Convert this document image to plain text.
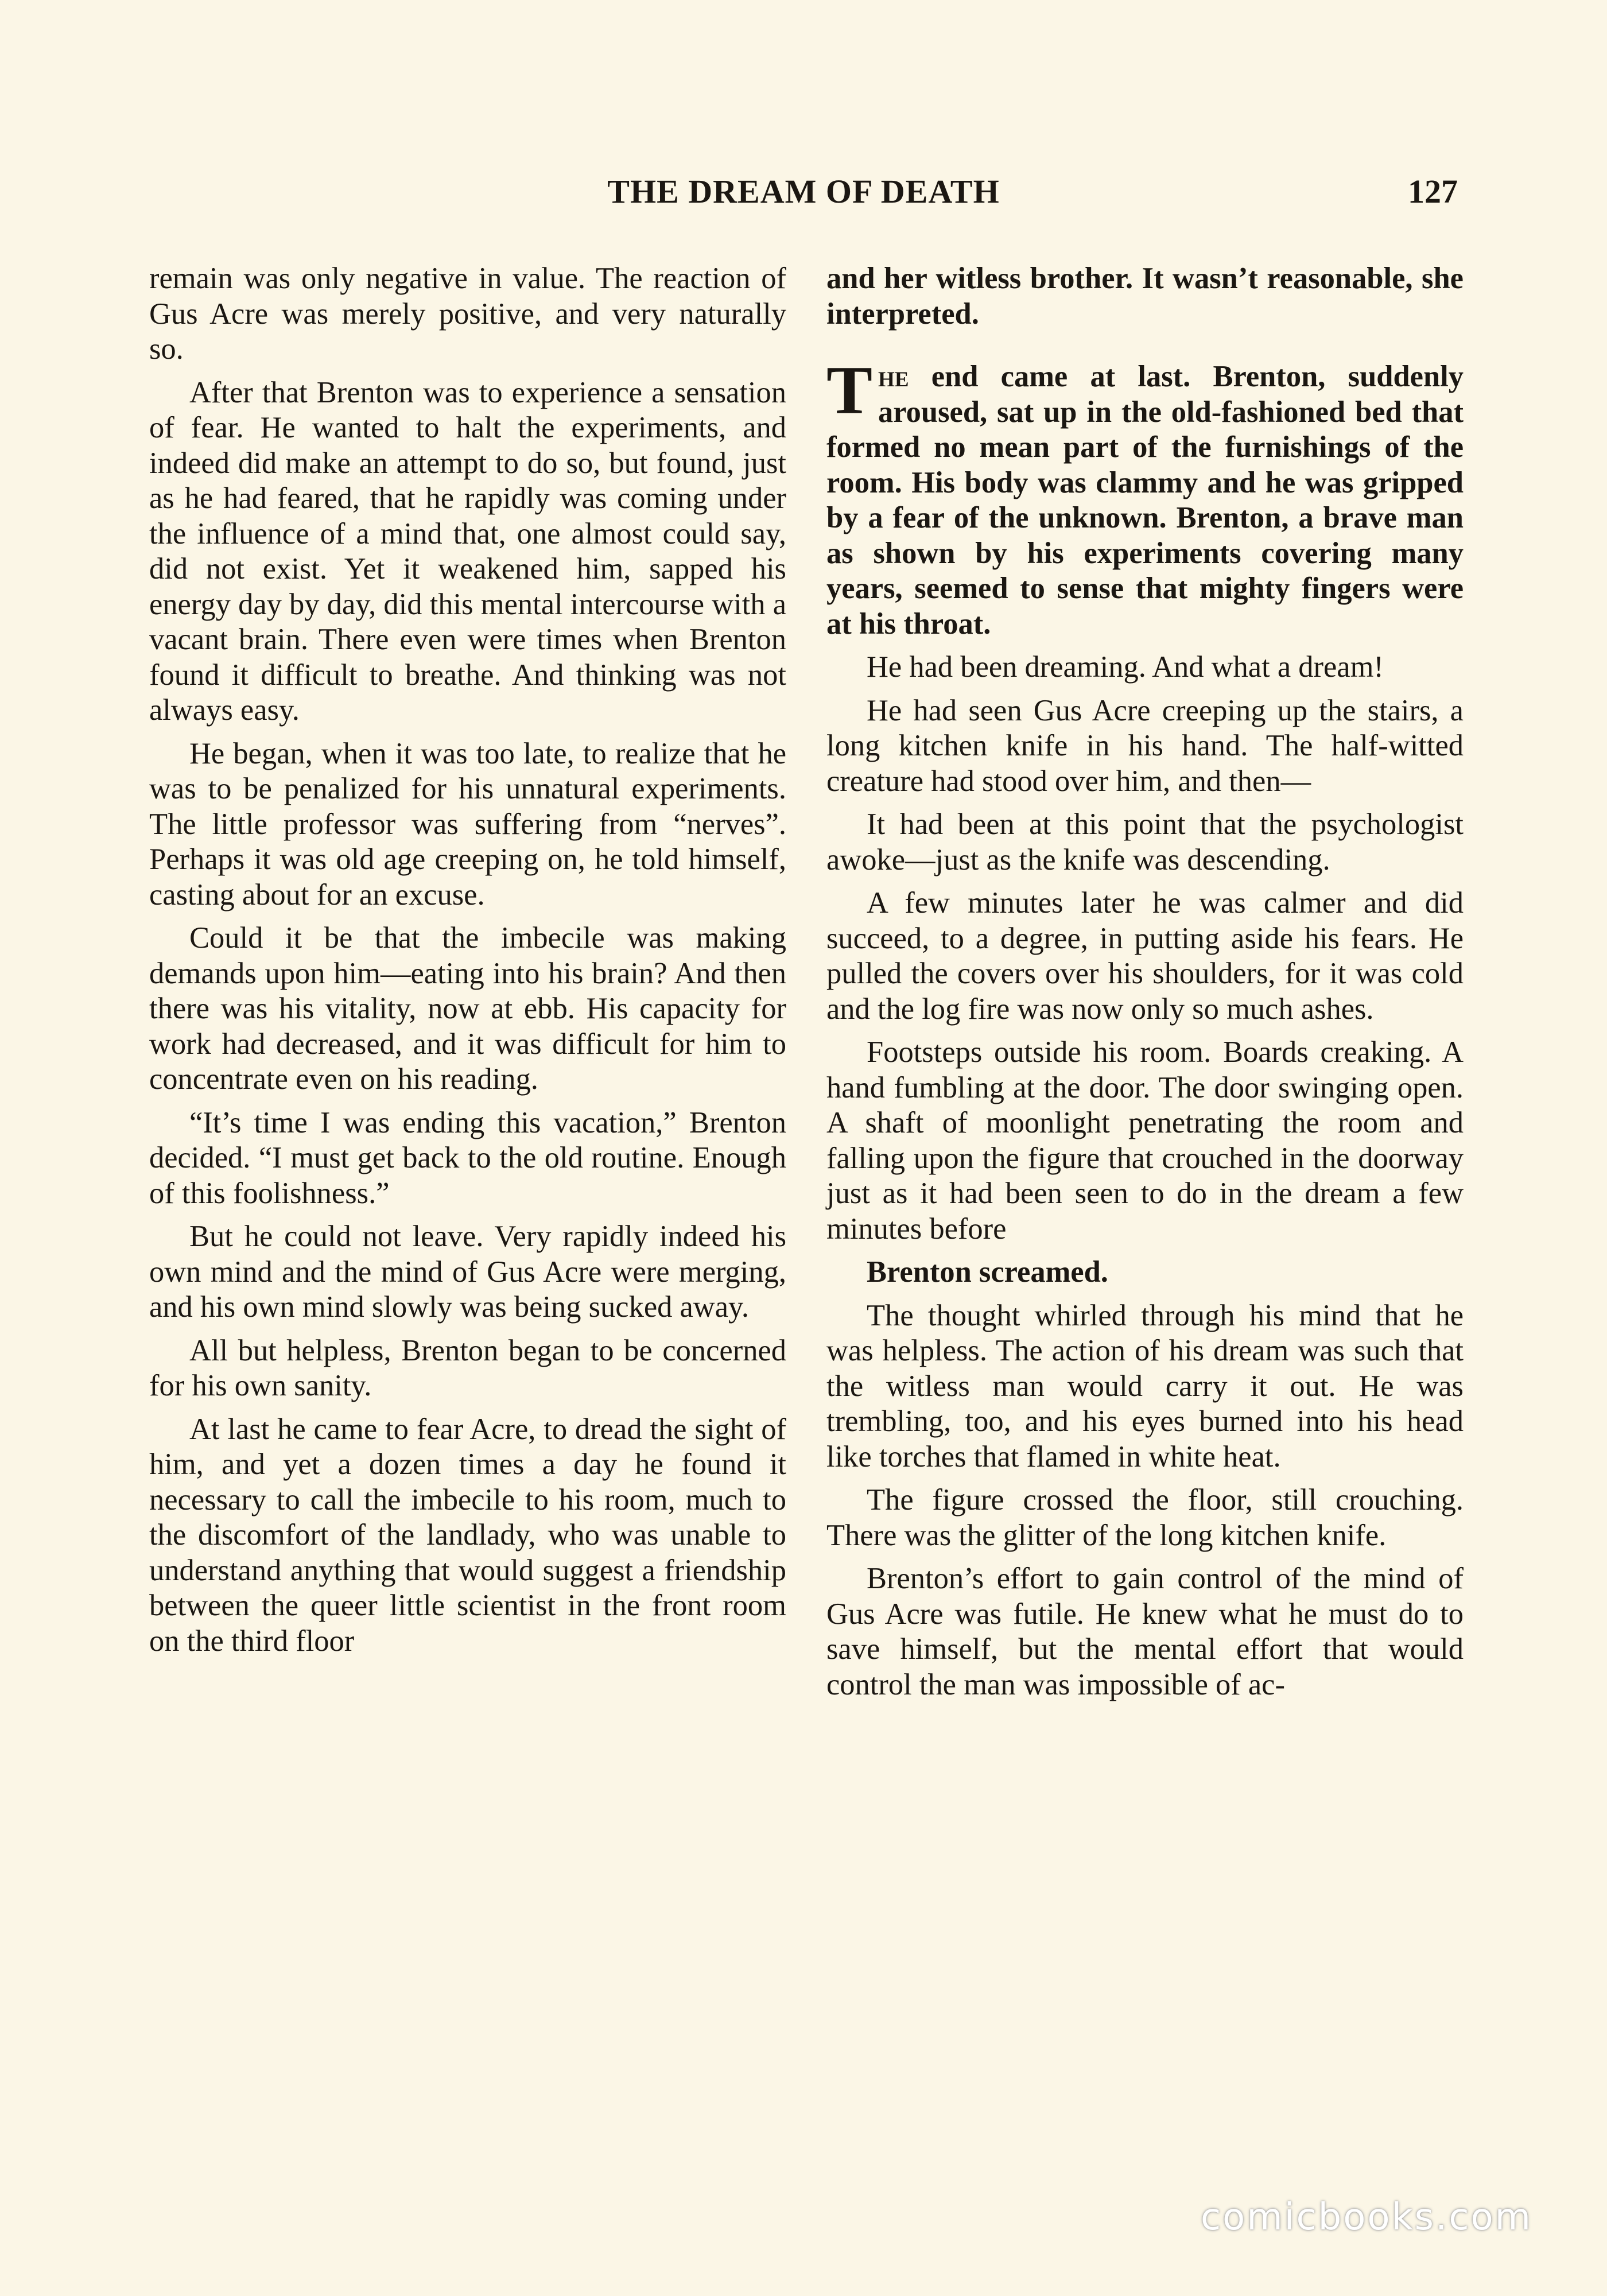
THE DREAM OF DEATH	127

remain was only negative in value. The reaction of Gus Acre was merely positive, and very naturally so.

After that Brenton was to experience a sensation of fear. He wanted to halt the experiments, and indeed did make an attempt to do so, but found, just as he had feared, that he rapidly was coming under the influence of a mind that, one almost could say, did not exist. Yet it weakened him, sapped his energy day by day, did this mental intercourse with a vacant brain. There even were times when Brenton found it difficult to breathe. And thinking was not always easy.

He began, when it was too late, to realize that he was to be penalized for his unnatural experiments. The little professor was suffering from “nerves”. Perhaps it was old age creeping on, he told himself, casting about for an excuse.

Could it be that the imbecile was making demands upon him—eating into his brain? And then there was his vitality, now at ebb. His capacity for work had decreased, and it was difficult for him to concentrate even on his reading.

“It’s time I was ending this vacation,” Brenton decided. “I must get back to the old routine. Enough of this foolishness.”

But he could not leave. Very rapidly indeed his own mind and the mind of Gus Acre were merging, and his own mind slowly was being sucked away.

All but helpless, Brenton began to be concerned for his own sanity.

At last he came to fear Acre, to dread the sight of him, and yet a dozen times a day he found it necessary to call the imbecile to his room, much to the discomfort of the landlady, who was unable to understand anything that would suggest a friendship between the queer little scientist in the front room on the third floor

and her witless brother. It wasn’t reasonable, she interpreted.

The end came at last. Brenton, suddenly aroused, sat up in the old-fashioned bed that formed no mean part of the furnishings of the room. His body was clammy and he was gripped by a fear of the unknown. Brenton, a brave man as shown by his experiments covering many years, seemed to sense that mighty fingers were at his throat.

He had been dreaming. And what a dream!

He had seen Gus Acre creeping up the stairs, a long kitchen knife in his hand. The half-witted creature had stood over him, and then—

It had been at this point that the psychologist awoke—just as the knife was descending.

A few minutes later he was calmer and did succeed, to a degree, in putting aside his fears. He pulled the covers over his shoulders, for it was cold and the log fire was now only so much ashes.

Footsteps outside his room. Boards creaking. A hand fumbling at the door. The door swinging open. A shaft of moonlight penetrating the room and falling upon the figure that crouched in the doorway just as it had been seen to do in the dream a few minutes before

Brenton screamed.

The thought whirled through his mind that he was helpless. The action of his dream was such that the witless man would carry it out. He was trembling, too, and his eyes burned into his head like torches that flamed in white heat.

The figure crossed the floor, still crouching. There was the glitter of the long kitchen knife.

Brenton’s effort to gain control of the mind of Gus Acre was futile. He knew what he must do to save himself, but the mental effort that would control the man was impossible of ac-

comicbooks.com
